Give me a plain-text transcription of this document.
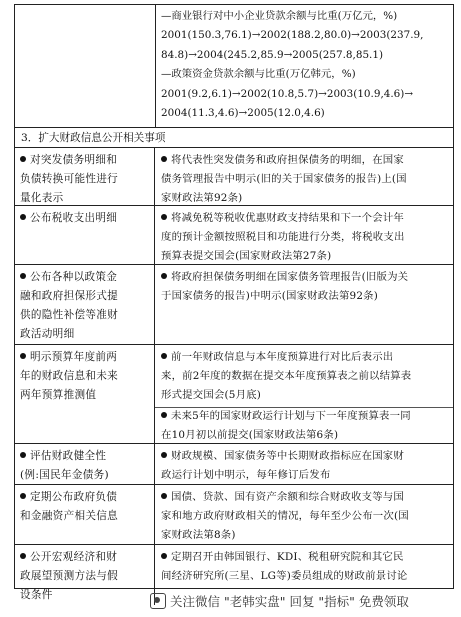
—商业银行对中小企业贷款余额与比重(万亿元，%)
2001(150.3,76.1)→2002(188.2,80.0)→2003(237.9,
84.8)→2004(245.2,85.9→2005(257.8,85.1)
—政策资金贷款余额与比重(万亿韩元，%)
2001(9.2,6.1)→2002(10.8,5.7)→2003(10.9,4.6)→
2004(11.3,4.6)→2005(12.0,4.6)
3．扩大财政信息公开相关事项
对突发债务明细和
负债转换可能性进行
量化表示
将代表性突发债务和政府担保债务的明细，在国家
债务管理报告中明示(旧的关于国家债务的报告)上(国
家财政法第92条)
公布税收支出明细	将减免税等税收优惠财政支持结果和下一个会计年
度的预计金额按照税目和功能进行分类，将税收支出
预算表提交国会(国家财政法第27条)
公布各种以政策金
融和政府担保形式提
供的隐性补偿等准财
政活动明细
将政府担保债务明细在国家债务管理报告(旧版为关
于国家债务的报告)中明示(国家财政法第92条)
明示预算年度前两
年的财政信息和未来
两年预算推测值
前一年财政信息与本年度预算进行对比后表示出
来，前2年度的数据在提交本年度预算表之前以结算表
形式提交国会(5月底)
未来5年的国家财政运行计划与下一年度预算表一同
在10月初以前提交(国家财政法第6条)
评估财政健全性
(例:国民年金债务)
财政规模、国家债务等中长期财政指标应在国家财
政运行计划中明示，每年修订后发布
定期公布政府负债
和金融资产相关信息
国债、贷款、国有资产余额和综合财政收支等与国
家和地方政府财政相关的情况，每年至少公布一次(国
家财政法第8条)
公开宏观经济和财
政展望预测方法与假
设条件
定期召开由韩国银行、KDI、税租研究院和其它民
间经济研究所(三星、LG等)委员组成的财政前景讨论
关注微信 "老韩实盘" 回复 "指标" 免费领取
